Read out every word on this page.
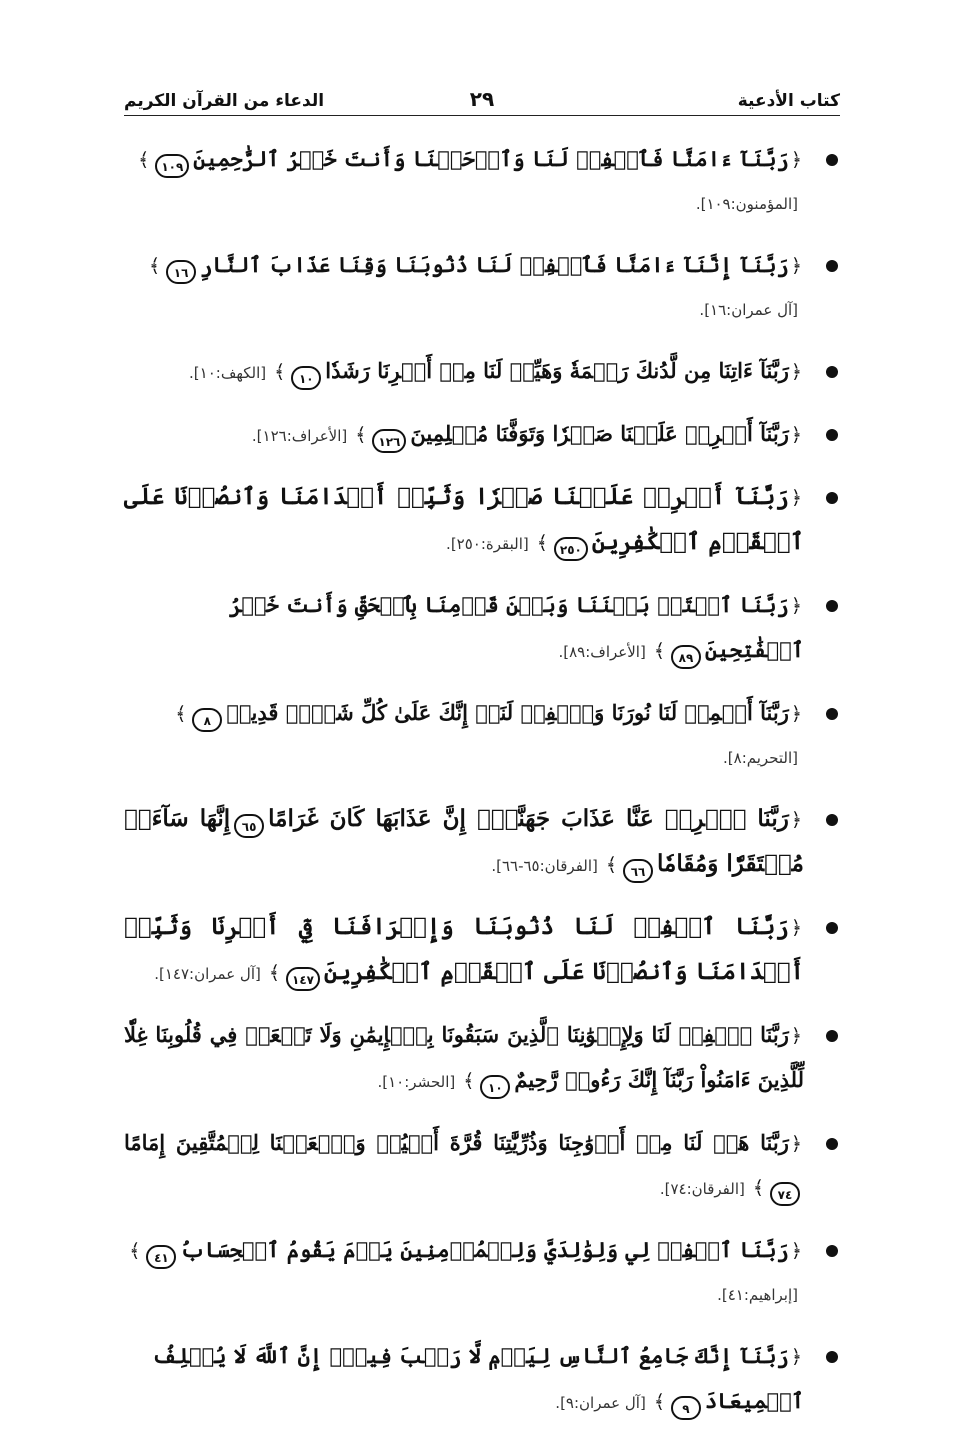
كتاب الأدعية
٢٩
الدعاء من القرآن الكريم
﴿رَبَّنَآ ءَامَنَّا فَٱغۡفِرۡ لَنَا وَٱرۡحَمۡنَا وَأَنتَ خَيۡرُ ٱلرَّٰحِمِينَ١٠٩﴾[المؤمنون:١٠٩].
﴿رَبَّنَآ إِنَّنَآ ءَامَنَّا فَٱغۡفِرۡ لَنَا ذُنُوبَنَا وَقِنَا عَذَابَ ٱلنَّارِ١٦﴾[آل عمران:١٦].
﴿رَبَّنَآ ءَاتِنَا مِن لَّدُنكَ رَحۡمَةٗ وَهَيِّئۡ لَنَا مِنۡ أَمۡرِنَا رَشَدٗا١٠﴾[الكهف:١٠].
﴿رَبَّنَآ أَفۡرِغۡ عَلَيۡنَا صَبۡرٗا وَتَوَفَّنَا مُسۡلِمِينَ١٢٦﴾[الأعراف:١٢٦].
﴿رَبَّنَآ أَفۡرِغۡ عَلَيۡنَا صَبۡرٗا وَثَبِّتۡ أَقۡدَامَنَا وَٱنصُرۡنَا عَلَى ٱلۡقَوۡمِ ٱلۡكَٰفِرِينَ٢٥٠﴾[البقرة:٢٥٠].
﴿رَبَّنَا ٱفۡتَحۡ بَيۡنَنَا وَبَيۡنَ قَوۡمِنَا بِٱلۡحَقِّ وَأَنتَ خَيۡرُ ٱلۡفَٰتِحِينَ٨٩﴾[الأعراف:٨٩].
﴿رَبَّنَآ أَتۡمِمۡ لَنَا نُورَنَا وَٱغۡفِرۡ لَنَآۖ إِنَّكَ عَلَىٰ كُلِّ شَيۡءٖ قَدِيرٞ٨﴾[التحريم:٨].
﴿رَبَّنَا ٱصۡرِفۡ عَنَّا عَذَابَ جَهَنَّمَۖ إِنَّ عَذَابَهَا كَانَ غَرَامًا٦٥إِنَّهَا سَآءَتۡ مُسۡتَقَرّٗا وَمُقَامٗا٦٦﴾[الفرقان:٦٥-٦٦].
﴿رَبَّنَا ٱغۡفِرۡ لَنَا ذُنُوبَنَا وَإِسۡرَافَنَا فِيٓ أَمۡرِنَا وَثَبِّتۡ أَقۡدَامَنَا وَٱنصُرۡنَا عَلَى ٱلۡقَوۡمِ ٱلۡكَٰفِرِينَ١٤٧﴾[آل عمران:١٤٧].
﴿رَبَّنَا ٱغۡفِرۡ لَنَا وَلِإِخۡوَٰنِنَا ٱلَّذِينَ سَبَقُونَا بِٱلۡإِيمَٰنِ وَلَا تَجۡعَلۡ فِي قُلُوبِنَا غِلّٗا لِّلَّذِينَ ءَامَنُواْ رَبَّنَآ إِنَّكَ رَءُوفٞ رَّحِيمٌ١٠﴾[الحشر:١٠].
﴿رَبَّنَا هَبۡ لَنَا مِنۡ أَزۡوَٰجِنَا وَذُرِّيَّٰتِنَا قُرَّةَ أَعۡيُنٖ وَٱجۡعَلۡنَا لِلۡمُتَّقِينَ إِمَامًا٧٤﴾[الفرقان:٧٤].
﴿رَبَّنَا ٱغۡفِرۡ لِي وَلِوَٰلِدَيَّ وَلِلۡمُؤۡمِنِينَ يَوۡمَ يَقُومُ ٱلۡحِسَابُ٤١﴾[إبراهيم:٤١].
﴿رَبَّنَآ إِنَّكَ جَامِعُ ٱلنَّاسِ لِيَوۡمٖ لَّا رَيۡبَ فِيهِۚ إِنَّ ٱللَّهَ لَا يُخۡلِفُ ٱلۡمِيعَادَ٩﴾[آل عمران:٩].
